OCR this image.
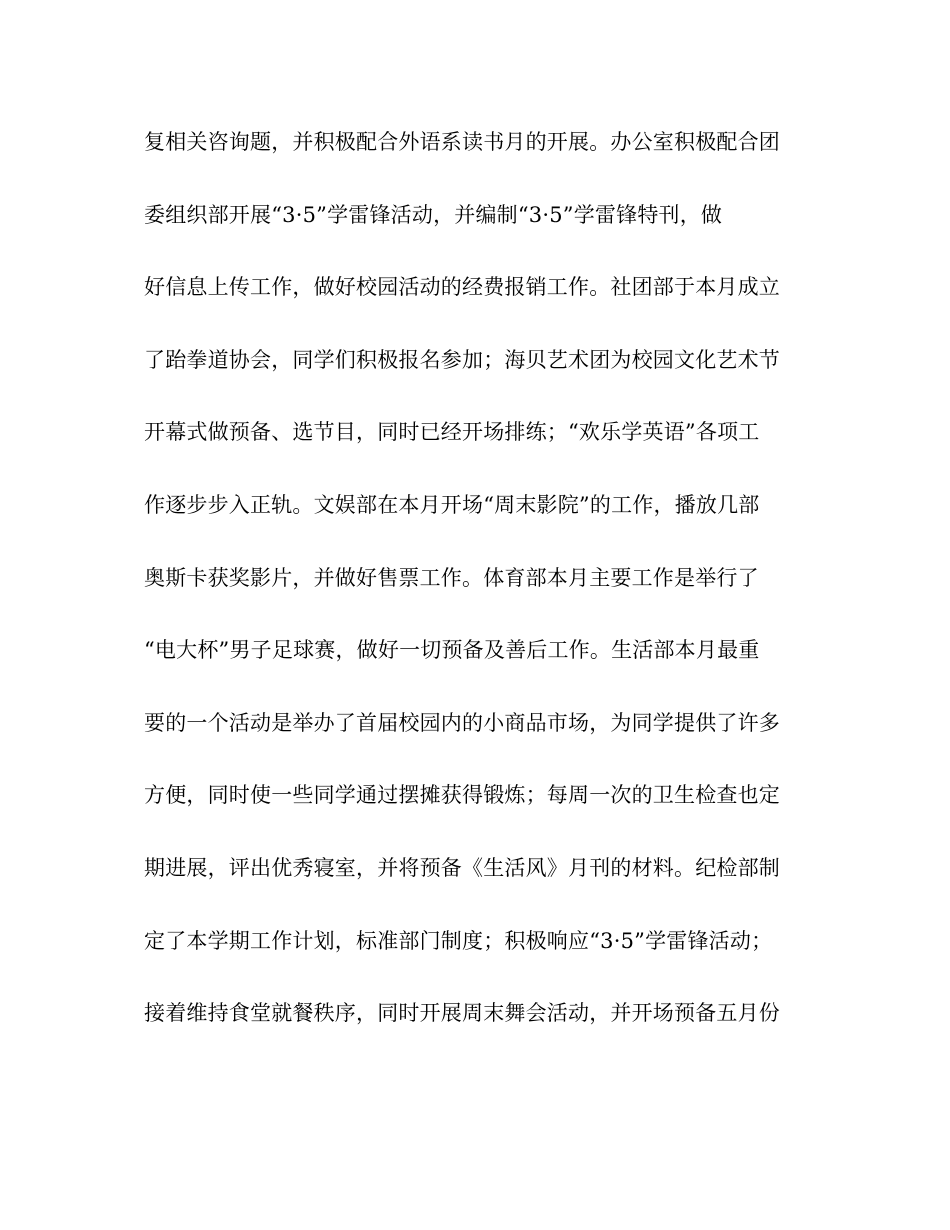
复相关咨询题，并积极配合外语系读书月的开展。办公室积极配合团
委组织部开展“3·5”学雷锋活动，并编制“3·5”学雷锋特刊，做
好信息上传工作，做好校园活动的经费报销工作。社团部于本月成立
了跆拳道协会，同学们积极报名参加；海贝艺术团为校园文化艺术节
开幕式做预备、选节目，同时已经开场排练；“欢乐学英语”各项工
作逐步步入正轨。文娱部在本月开场“周末影院”的工作，播放几部
奥斯卡获奖影片，并做好售票工作。体育部本月主要工作是举行了
“电大杯”男子足球赛，做好一切预备及善后工作。生活部本月最重
要的一个活动是举办了首届校园内的小商品市场，为同学提供了许多
方便，同时使一些同学通过摆摊获得锻炼；每周一次的卫生检查也定
期进展，评出优秀寝室，并将预备《生活风》月刊的材料。纪检部制
定了本学期工作计划，标准部门制度；积极响应“3·5”学雷锋活动；
接着维持食堂就餐秩序，同时开展周末舞会活动，并开场预备五月份
